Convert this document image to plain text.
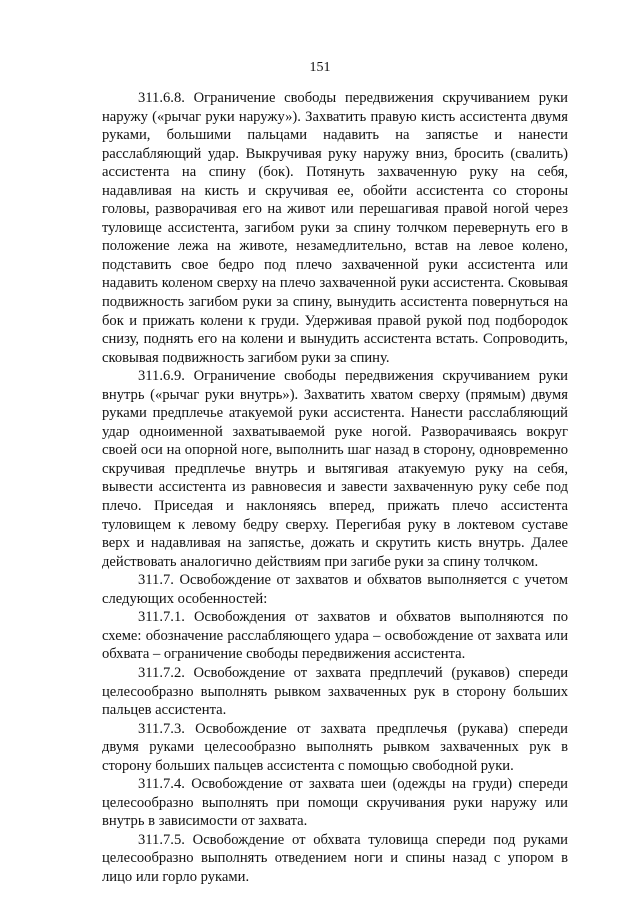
151

311.6.8. Ограничение свободы передвижения скручиванием руки наружу («рычаг руки наружу»). Захватить правую кисть ассистента двумя руками, большими пальцами надавить на запястье и нанести расслабляющий удар. Выкручивая руку наружу вниз, бросить (свалить) ассистента на спину (бок). Потянуть захваченную руку на себя, надавливая на кисть и скручивая ее, обойти ассистента со стороны головы, разворачивая его на живот или перешагивая правой ногой через туловище ассистента, загибом руки за спину толчком перевернуть его в положение лежа на животе, незамедлительно, встав на левое колено, подставить свое бедро под плечо захваченной руки ассистента или надавить коленом сверху на плечо захваченной руки ассистента. Сковывая подвижность загибом руки за спину, вынудить ассистента повернуться на бок и прижать колени к груди. Удерживая правой рукой под подбородок снизу, поднять его на колени и вынудить ассистента встать. Сопроводить, сковывая подвижность загибом руки за спину.

311.6.9. Ограничение свободы передвижения скручиванием руки внутрь («рычаг руки внутрь»). Захватить хватом сверху (прямым) двумя руками предплечье атакуемой руки ассистента. Нанести расслабляющий удар одноименной захватываемой руке ногой. Разворачиваясь вокруг своей оси на опорной ноге, выполнить шаг назад в сторону, одновременно скручивая предплечье внутрь и вытягивая атакуемую руку на себя, вывести ассистента из равновесия и завести захваченную руку себе под плечо. Приседая и наклоняясь вперед, прижать плечо ассистента туловищем к левому бедру сверху. Перегибая руку в локтевом суставе верх и надавливая на запястье, дожать и скрутить кисть внутрь. Далее действовать аналогично действиям при загибе руки за спину толчком.

311.7. Освобождение от захватов и обхватов выполняется с учетом следующих особенностей:

311.7.1. Освобождения от захватов и обхватов выполняются по схеме: обозначение расслабляющего удара – освобождение от захвата или обхвата – ограничение свободы передвижения ассистента.

311.7.2. Освобождение от захвата предплечий (рукавов) спереди целесообразно выполнять рывком захваченных рук в сторону больших пальцев ассистента.

311.7.3. Освобождение от захвата предплечья (рукава) спереди двумя руками целесообразно выполнять рывком захваченных рук в сторону больших пальцев ассистента с помощью свободной руки.

311.7.4. Освобождение от захвата шеи (одежды на груди) спереди целесообразно выполнять при помощи скручивания руки наружу или внутрь в зависимости от захвата.

311.7.5. Освобождение от обхвата туловища спереди под руками целесообразно выполнять отведением ноги и спины назад с упором в лицо или горло руками.
